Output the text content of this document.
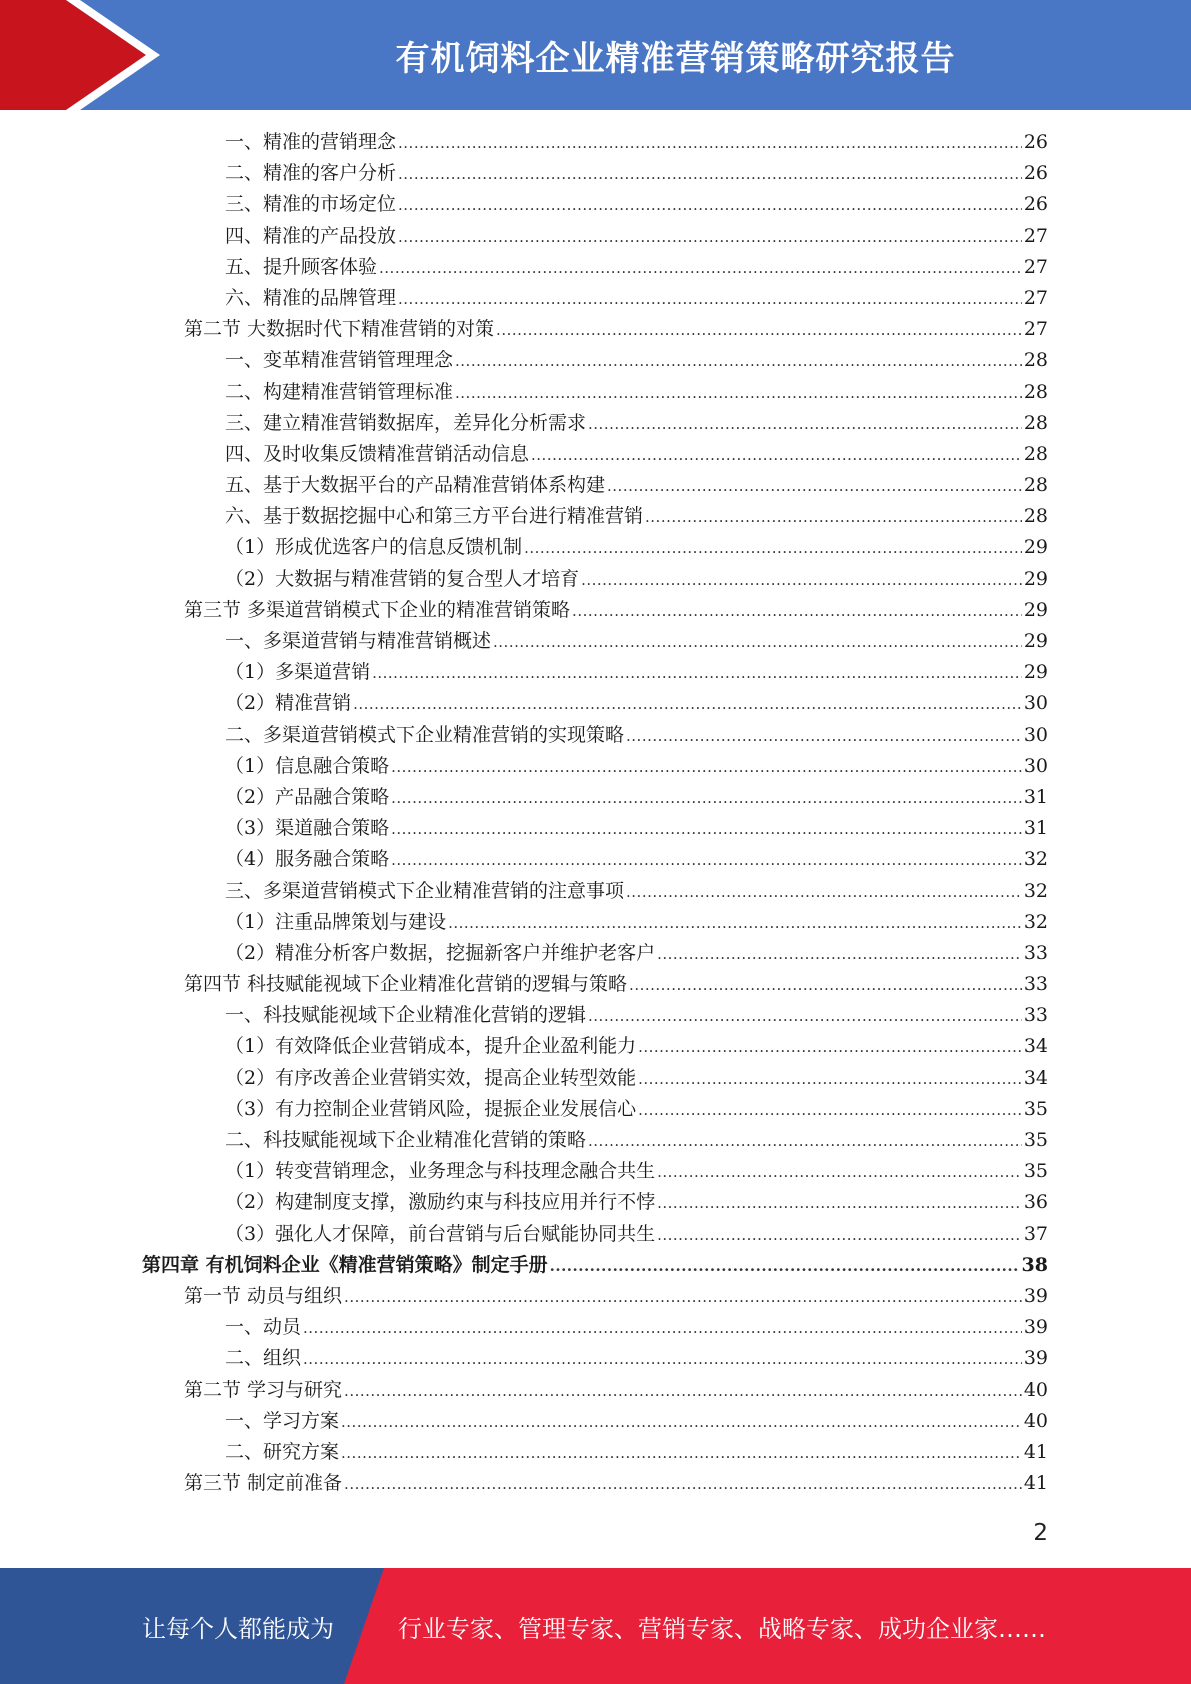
有机饲料企业精准营销策略研究报告
一、精准的营销理念 .....	26
二、精准的客户分析 .....	26
三、精准的市场定位 .....	26
四、精准的产品投放 .....	27
五、提升顾客体验 .....	27
六、精准的品牌管理 .....	27
第二节 大数据时代下精准营销的对策 .....	27
一、变革精准营销管理理念 .....	28
二、构建精准营销管理标准 .....	28
三、建立精准营销数据库，差异化分析需求 .....	28
四、及时收集反馈精准营销活动信息 .....	28
五、基于大数据平台的产品精准营销体系构建 .....	28
六、基于数据挖掘中心和第三方平台进行精准营销 .....	28
（1）形成优选客户的信息反馈机制 .....	29
（2）大数据与精准营销的复合型人才培育 .....	29
第三节 多渠道营销模式下企业的精准营销策略 .....	29
一、多渠道营销与精准营销概述 .....	29
（1）多渠道营销 .....	29
（2）精准营销 .....	30
二、多渠道营销模式下企业精准营销的实现策略 .....	30
（1）信息融合策略 .....	30
（2）产品融合策略 .....	31
（3）渠道融合策略 .....	31
（4）服务融合策略 .....	32
三、多渠道营销模式下企业精准营销的注意事项 .....	32
（1）注重品牌策划与建设 .....	32
（2）精准分析客户数据，挖掘新客户并维护老客户 .....	33
第四节 科技赋能视域下企业精准化营销的逻辑与策略 .....	33
一、科技赋能视域下企业精准化营销的逻辑 .....	33
（1）有效降低企业营销成本，提升企业盈利能力 .....	34
（2）有序改善企业营销实效，提高企业转型效能 .....	34
（3）有力控制企业营销风险，提振企业发展信心 .....	35
二、科技赋能视域下企业精准化营销的策略 .....	35
（1）转变营销理念，业务理念与科技理念融合共生 .....	35
（2）构建制度支撑，激励约束与科技应用并行不悖 .....	36
（3）强化人才保障，前台营销与后台赋能协同共生 .....	37
第四章 有机饲料企业《精准营销策略》制定手册 .....	38
第一节 动员与组织 .....	39
一、动员 .....	39
二、组织 .....	39
第二节 学习与研究 .....	40
一、学习方案 .....	40
二、研究方案 .....	41
第三节 制定前准备 .....	41
2
让每个人都能成为	行业专家、管理专家、营销专家、战略专家、成功企业家……
